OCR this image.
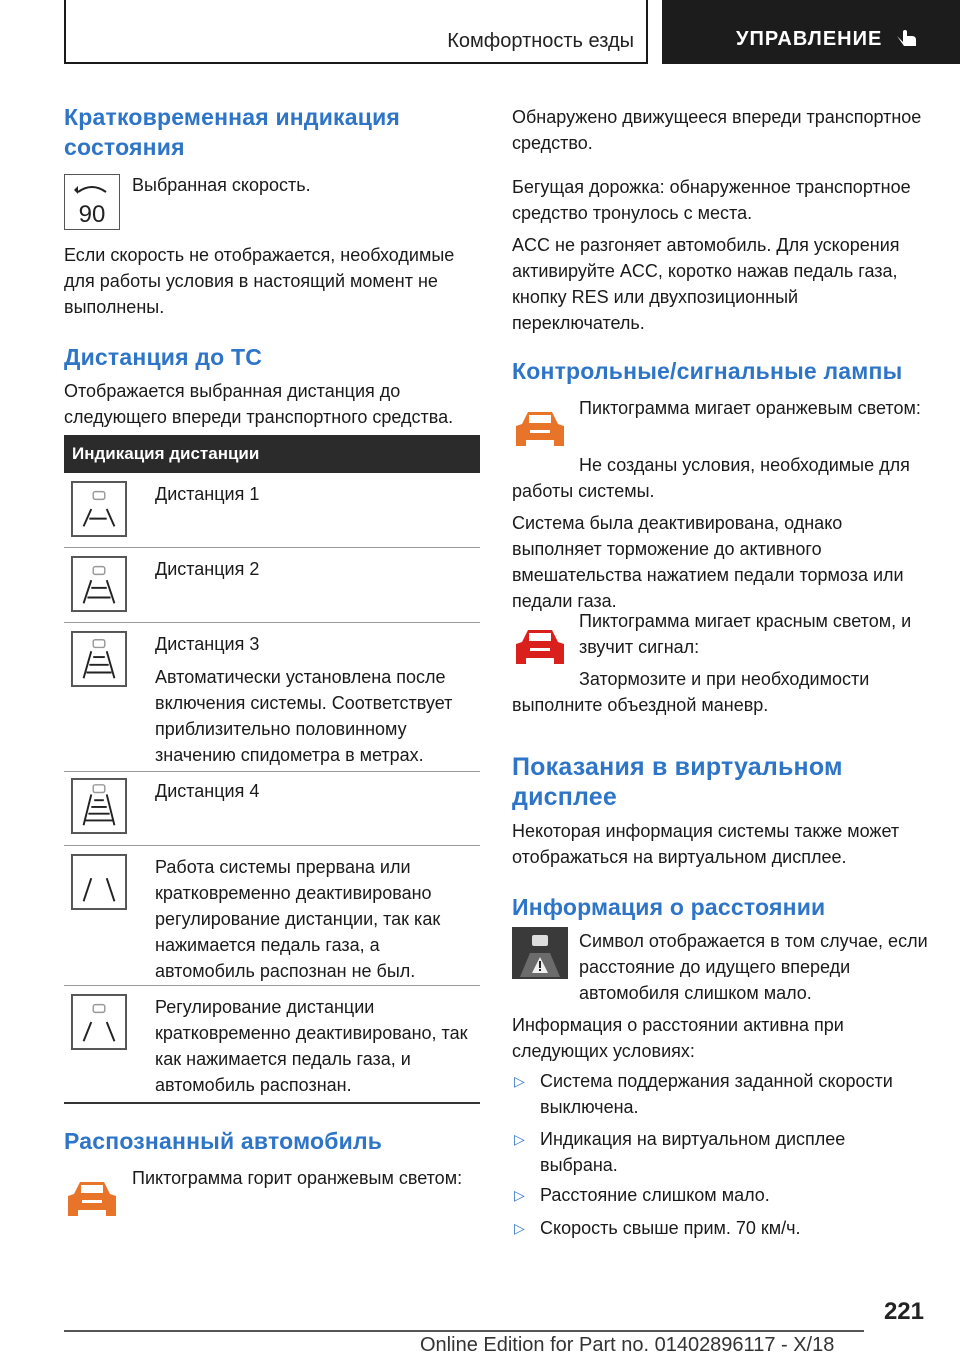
Комфортность езды	УПРАВЛЕНИЕ
Кратковременная индикация состояния
90

Выбранная скорость.

Если скорость не отображается, необходимые для работы условия в настоящий момент не выполнены.

Дистанция до ТС

Отображается выбранная дистанция до следующего впереди транспортного средства.

Индикация дистанции

Дистанция 1

Дистанция 2

Дистанция 3

Автоматически установлена после включения системы. Соответствует приблизительно половинному значению спидометра в метрах.

Дистанция 4

Работа системы прервана или кратковременно деактивировано регулирование дистанции, так как нажимается педаль газа, а автомобиль распознан не был.

Регулирование дистанции кратковременно деактивировано, так как нажимается педаль газа, и автомобиль распознан.

Распознанный автомобиль

Пиктограмма горит оранжевым светом:

Обнаружено движущееся впереди транспортное средство.

Бегущая дорожка: обнаруженное транспортное средство тронулось с места.

ACC не разгоняет автомобиль. Для ускорения активируйте ACC, коротко нажав педаль газа, кнопку RES или двухпозиционный переключатель.

Контрольные/сигнальные лампы

Пиктограмма мигает оранжевым светом:

Не созданы условия, необходимые для работы системы.

Система была деактивирована, однако выполняет торможение до активного вмешательства нажатием педали тормоза или педали газа.

Пиктограмма мигает красным светом, и звучит сигнал:

Затормозите и при необходимости выполните объездной маневр.

Показания в виртуальном дисплее

Некоторая информация системы также может отображаться на виртуальном дисплее.

Информация о расстоянии

Символ отображается в том случае, если расстояние до идущего впереди автомобиля слишком мало.

Информация о расстоянии активна при следующих условиях:

▷ Система поддержания заданной скорости выключена.

▷ Индикация на виртуальном дисплее выбрана.

▷ Расстояние слишком мало.

▷ Скорость свыше прим. 70 км/ч.

221
Online Edition for Part no. 01402896117 - X/18
